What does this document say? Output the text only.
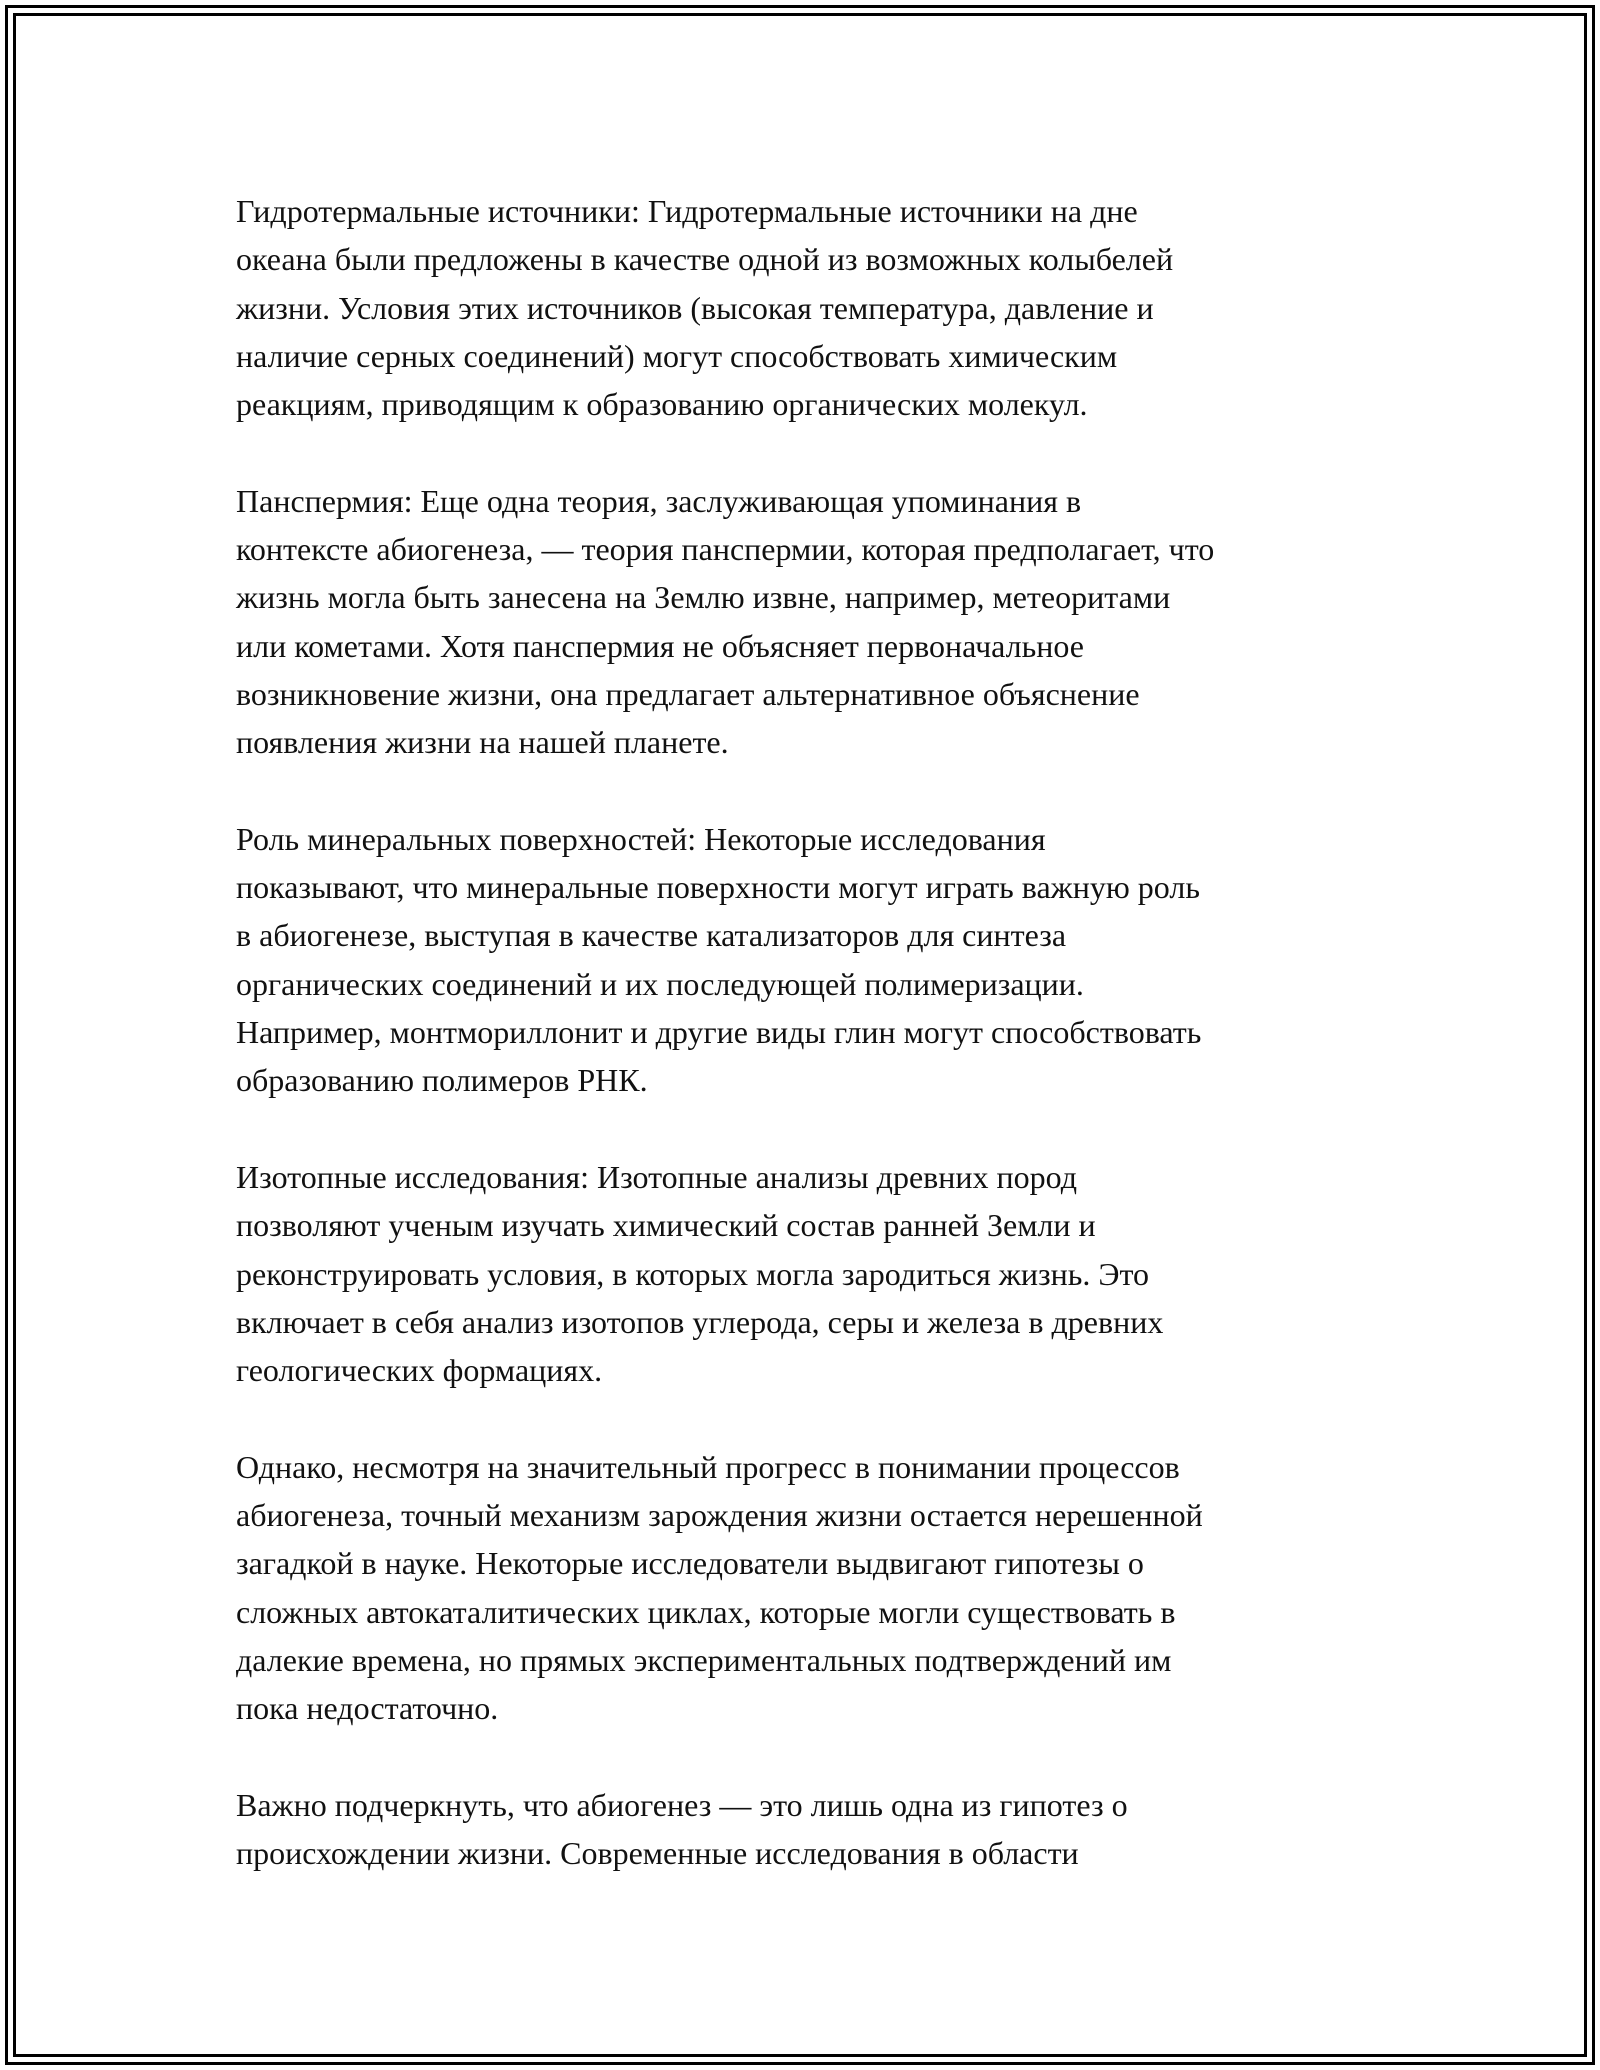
Гидротермальные источники: Гидротермальные источники на дне
океана были предложены в качестве одной из возможных колыбелей
жизни. Условия этих источников (высокая температура, давление и
наличие серных соединений) могут способствовать химическим
реакциям, приводящим к образованию органических молекул.

Панспермия: Еще одна теория, заслуживающая упоминания в
контексте абиогенеза, — теория панспермии, которая предполагает, что
жизнь могла быть занесена на Землю извне, например, метеоритами
или кометами. Хотя панспермия не объясняет первоначальное
возникновение жизни, она предлагает альтернативное объяснение
появления жизни на нашей планете.

Роль минеральных поверхностей: Некоторые исследования
показывают, что минеральные поверхности могут играть важную роль
в абиогенезе, выступая в качестве катализаторов для синтеза
органических соединений и их последующей полимеризации.
Например, монтмориллонит и другие виды глин могут способствовать
образованию полимеров РНК.

Изотопные исследования: Изотопные анализы древних пород
позволяют ученым изучать химический состав ранней Земли и
реконструировать условия, в которых могла зародиться жизнь. Это
включает в себя анализ изотопов углерода, серы и железа в древних
геологических формациях.

Однако, несмотря на значительный прогресс в понимании процессов
абиогенеза, точный механизм зарождения жизни остается нерешенной
загадкой в науке. Некоторые исследователи выдвигают гипотезы о
сложных автокаталитических циклах, которые могли существовать в
далекие времена, но прямых экспериментальных подтверждений им
пока недостаточно.

Важно подчеркнуть, что абиогенез — это лишь одна из гипотез о
происхождении жизни. Современные исследования в области
